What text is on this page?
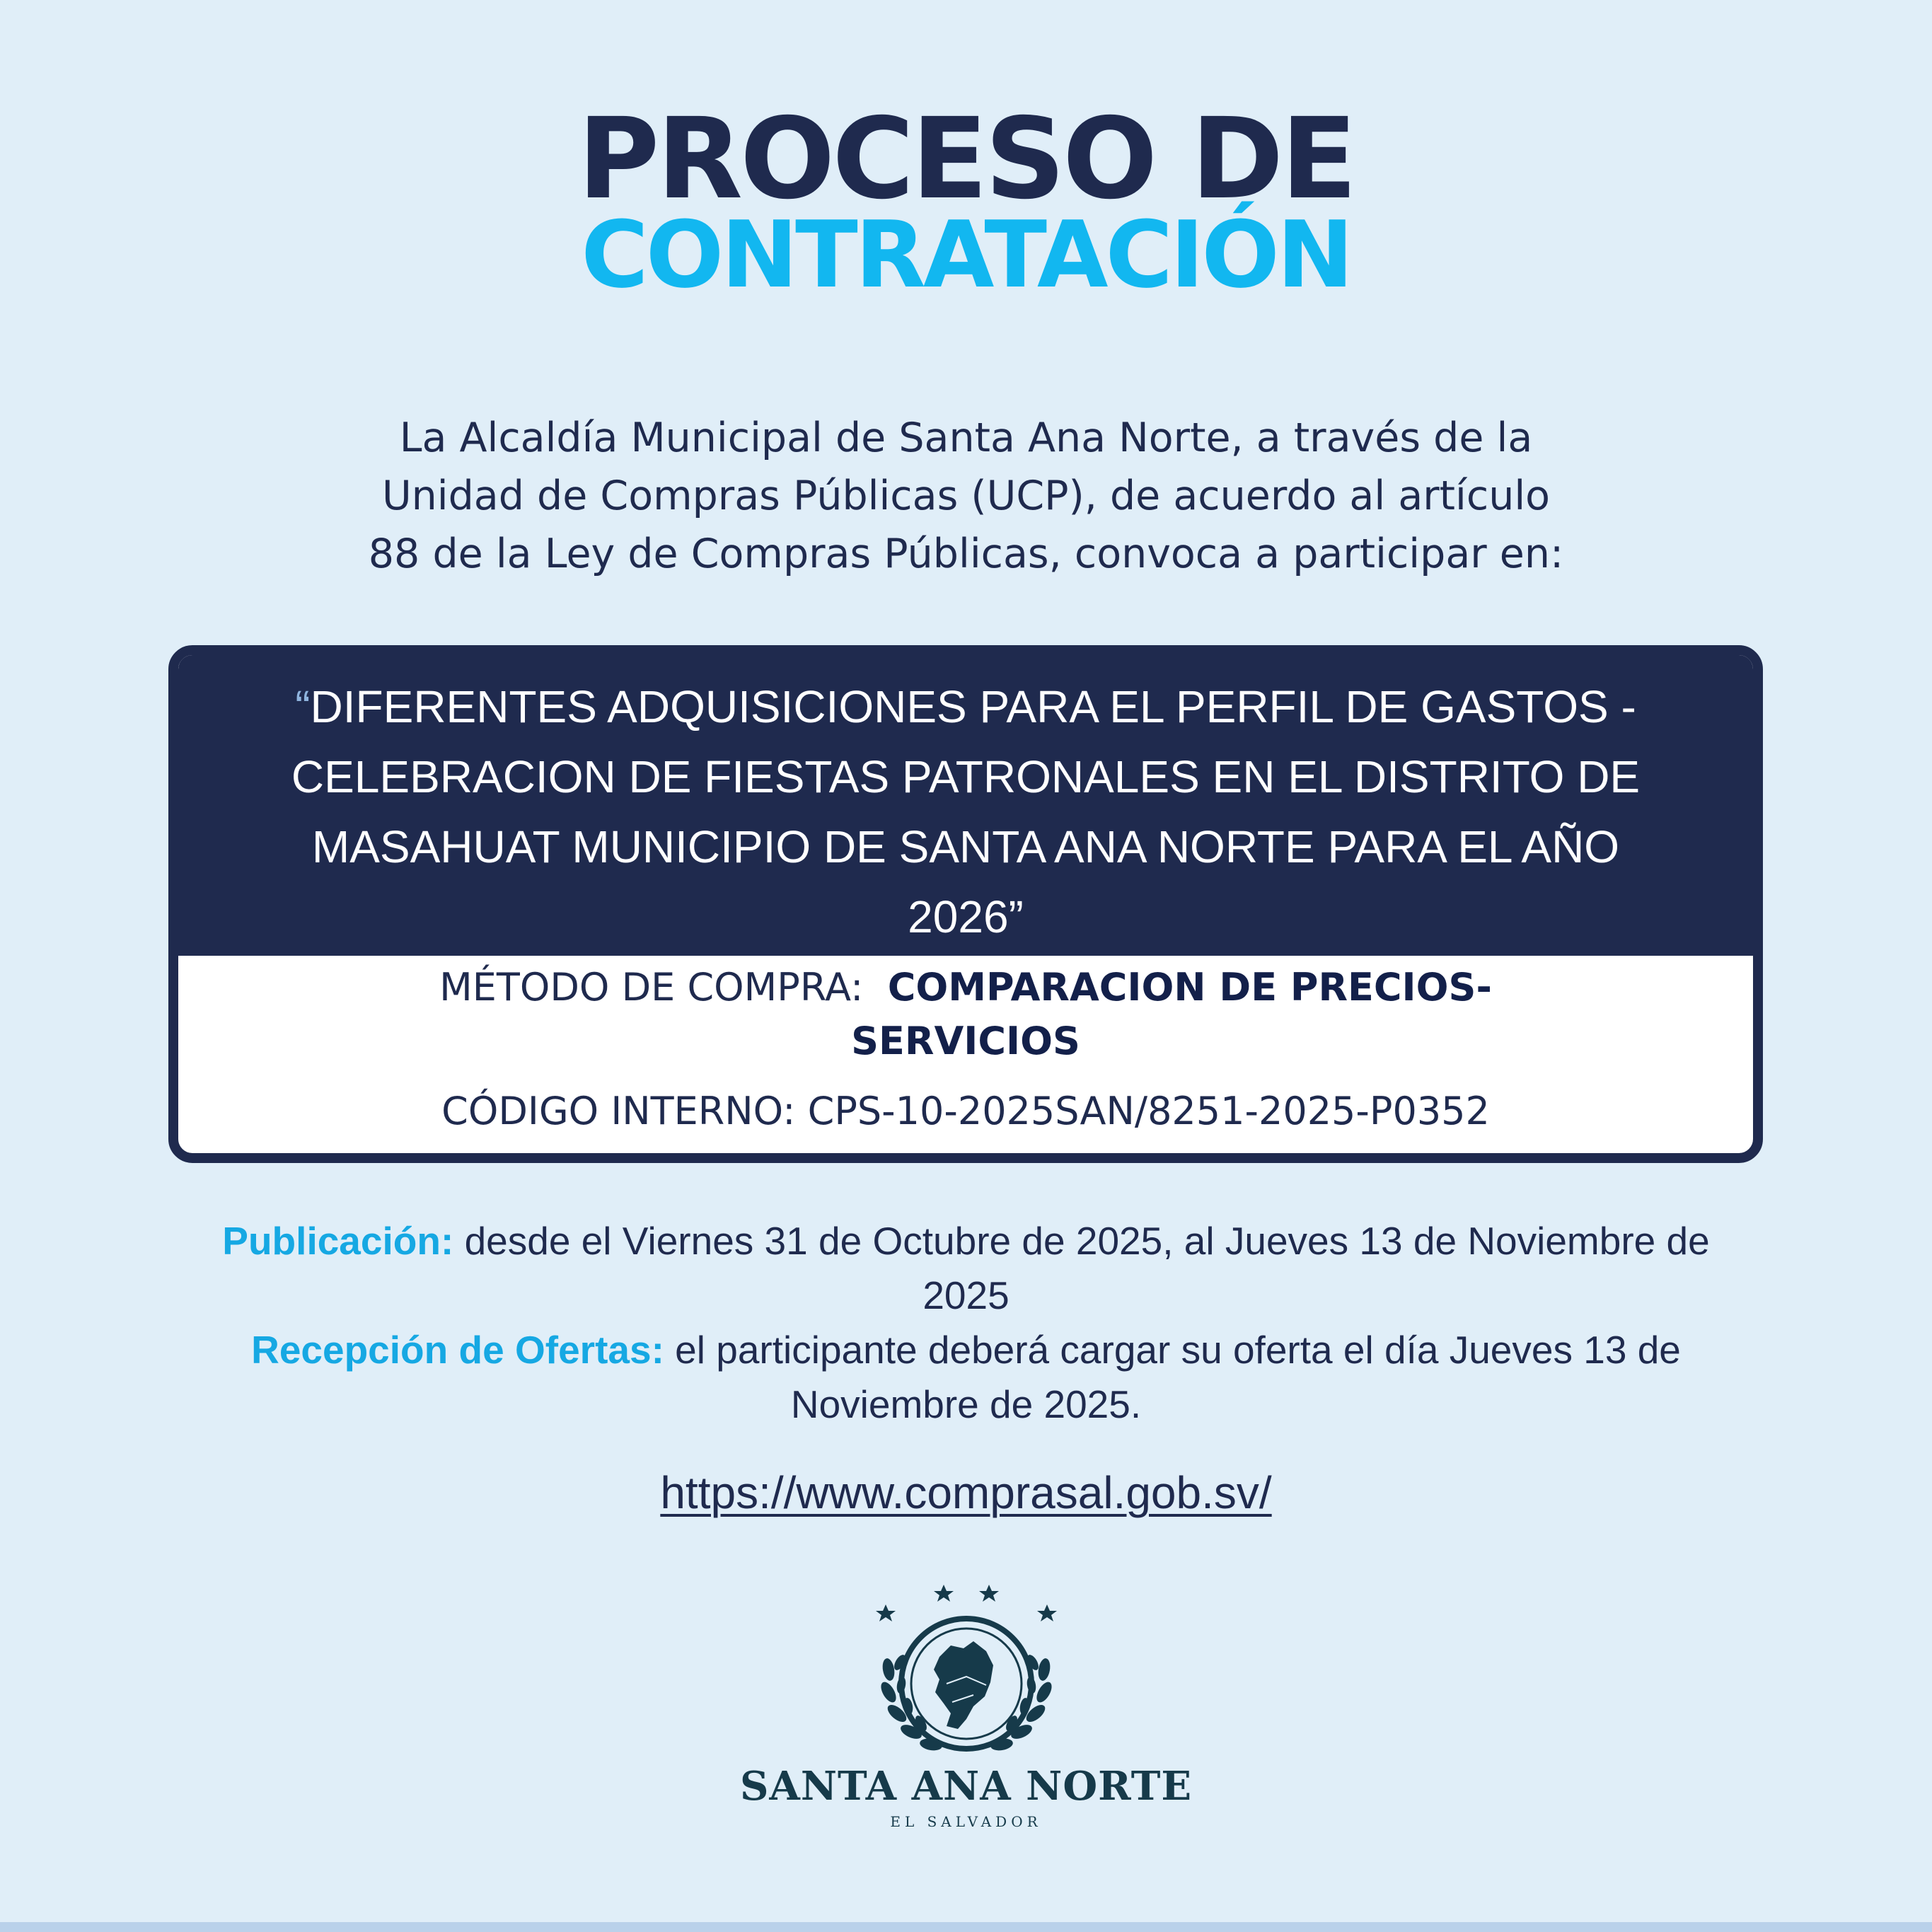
PROCESO DE
CONTRATACIÓN

La Alcaldía Municipal de Santa Ana Norte, a través de la
Unidad de Compras Públicas (UCP), de acuerdo al artículo
88 de la Ley de Compras Públicas, convoca a participar en:

“DIFERENTES ADQUISICIONES PARA EL PERFIL DE GASTOS -
CELEBRACION DE FIESTAS PATRONALES EN EL DISTRITO DE
MASAHUAT MUNICIPIO DE SANTA ANA NORTE PARA EL AÑO
2026”

MÉTODO DE COMPRA: COMPARACION DE PRECIOS-
SERVICIOS

CÓDIGO INTERNO: CPS-10-2025SAN/8251-2025-P0352

Publicación: desde el Viernes 31 de Octubre de 2025, al Jueves 13 de Noviembre de
2025
Recepción de Ofertas: el participante deberá cargar su oferta el día Jueves 13 de
Noviembre de 2025.

https://www.comprasal.gob.sv/

SANTA ANA NORTE

EL SALVADOR
